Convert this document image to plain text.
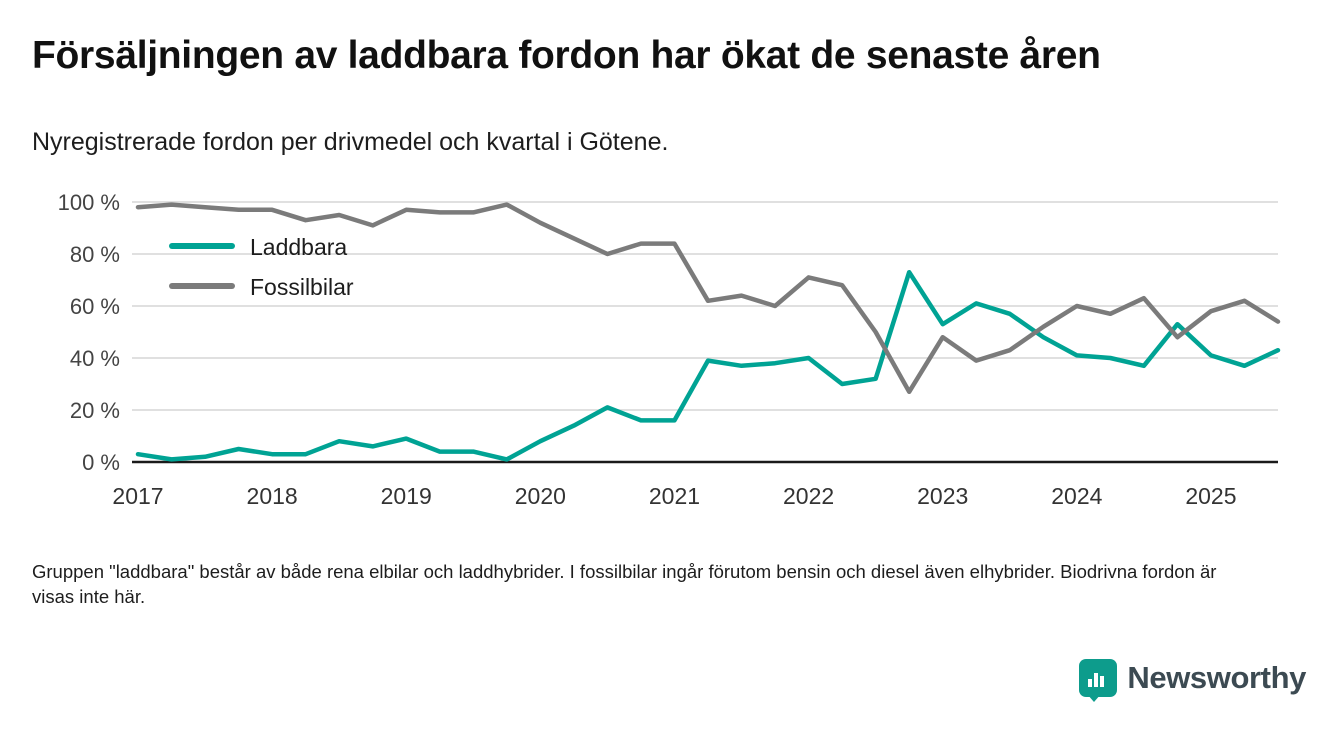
Försäljningen av laddbara fordon har ökat de senaste åren
Nyregistrerade fordon per drivmedel och kvartal i Götene.
0 %
20 %
40 %
60 %
80 %
100 %
2017	2018	2019	2020	2021	2022	2023	2024	2025
Laddbara
Fossilbilar
Gruppen "laddbara" består av både rena elbilar och laddhybrider. I fossilbilar ingår förutom bensin och diesel även elhybrider. Biodrivna fordon är visas inte här.
Newsworthy
